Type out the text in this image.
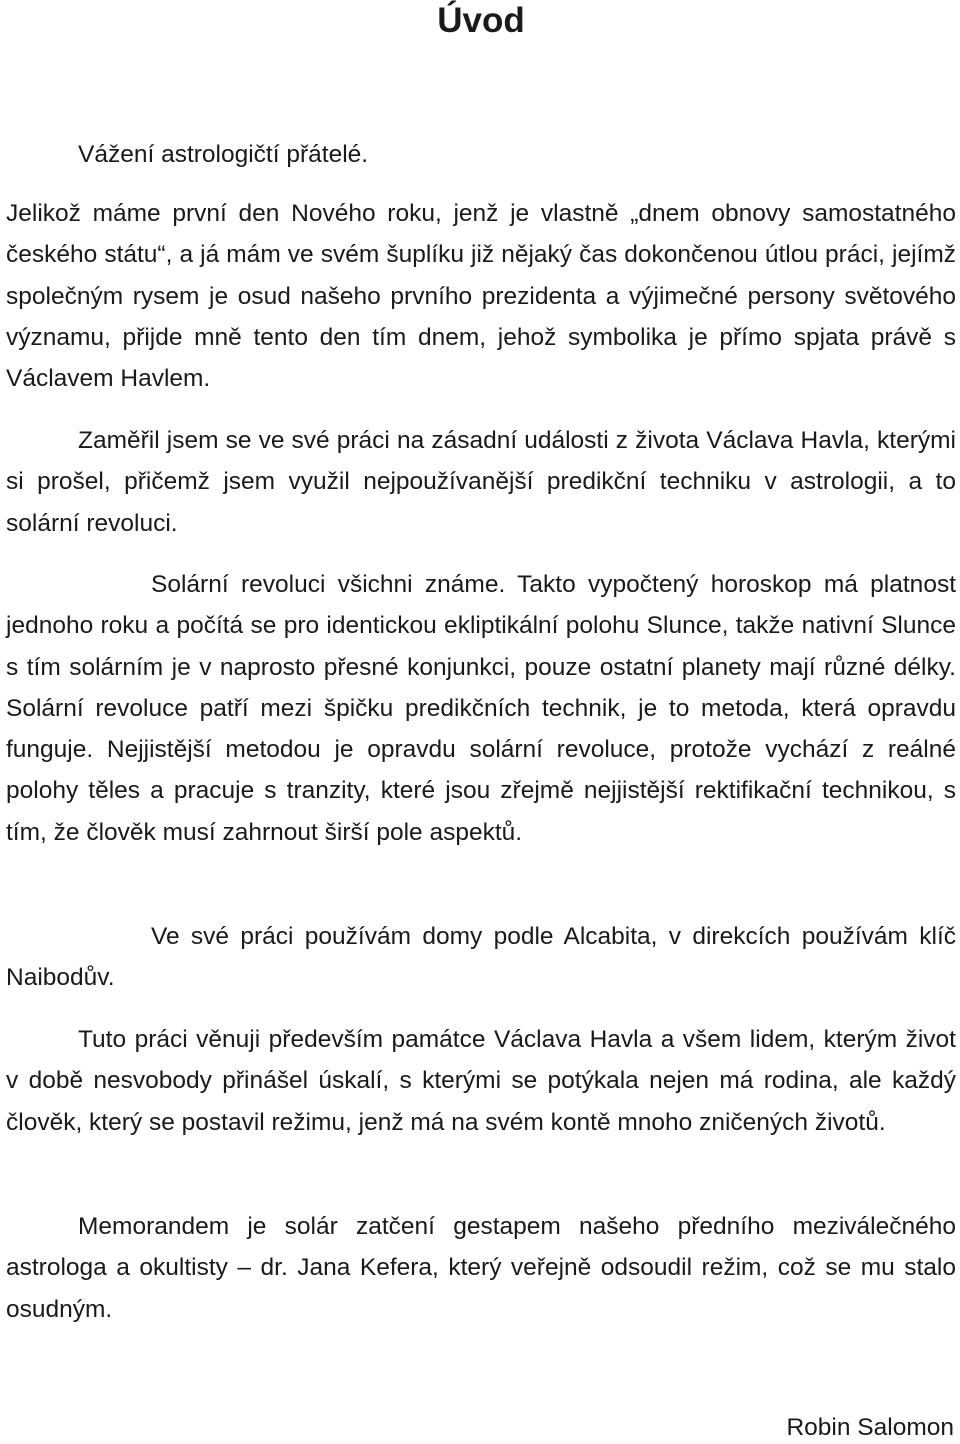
Úvod

Vážení astrologičtí přátelé.

Jelikož máme první den Nového roku, jenž je vlastně „dnem obnovy samostatného českého státu“, a já mám ve svém šuplíku již nějaký čas dokončenou útlou práci, jejímž společným rysem je osud našeho prvního prezidenta a výjimečné persony světového významu, přijde mně tento den tím dnem, jehož symbolika je přímo spjata právě s Václavem Havlem.

Zaměřil jsem se ve své práci na zásadní události z života Václava Havla, kterými si prošel, přičemž jsem využil nejpoužívanější predikční techniku v astrologii, a to solární revoluci.

Solární revoluci všichni známe. Takto vypočtený horoskop má platnost jednoho roku a počítá se pro identickou ekliptikální polohu Slunce, takže nativní Slunce s tím solárním je v naprosto přesné konjunkci, pouze ostatní planety mají různé délky. Solární revoluce patří mezi špičku predikčních technik, je to metoda, která opravdu funguje. Nejjistější metodou je opravdu solární revoluce, protože vychází z reálné polohy těles a pracuje s tranzity, které jsou zřejmě nejjistější rektifikační technikou, s tím, že člověk musí zahrnout širší pole aspektů.

Ve své práci používám domy podle Alcabita, v direkcích používám klíč Naibodův.

Tuto práci věnuji především památce Václava Havla a všem lidem, kterým život v době nesvobody přinášel úskalí, s kterými se potýkala nejen má rodina, ale každý člověk, který se postavil režimu, jenž má na svém kontě mnoho zničených životů.

Memorandem je solár zatčení gestapem našeho předního meziválečného astrologa a okultisty – dr. Jana Kefera, který veřejně odsoudil režim, což se mu stalo osudným.

Robin Salomon
